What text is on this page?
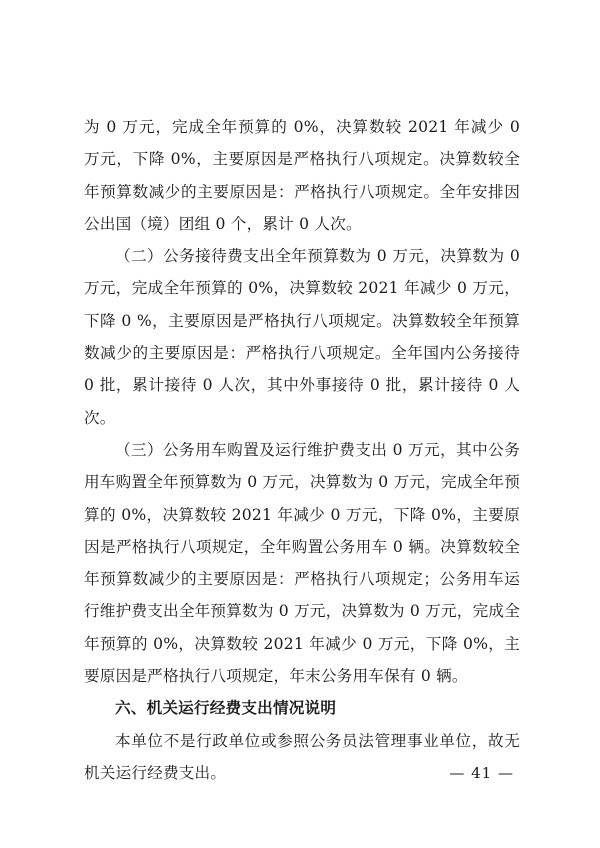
为 0 万元，完成全年预算的 0%，决算数较 2021 年减少 0 万元，下降 0%，主要原因是严格执行八项规定。决算数较全年预算数减少的主要原因是：严格执行八项规定。全年安排因公出国（境）团组 0 个，累计 0 人次。

（二）公务接待费支出全年预算数为 0 万元，决算数为 0 万元，完成全年预算的 0%，决算数较 2021 年减少 0 万元，下降 0 %，主要原因是严格执行八项规定。决算数较全年预算数减少的主要原因是：严格执行八项规定。全年国内公务接待 0 批，累计接待 0 人次，其中外事接待 0 批，累计接待 0 人次。

（三）公务用车购置及运行维护费支出 0 万元，其中公务用车购置全年预算数为 0 万元，决算数为 0 万元，完成全年预算的 0%，决算数较 2021 年减少 0 万元，下降 0%，主要原因是严格执行八项规定，全年购置公务用车 0 辆。决算数较全年预算数减少的主要原因是：严格执行八项规定；公务用车运行维护费支出全年预算数为 0 万元，决算数为 0 万元，完成全年预算的 0%，决算数较 2021 年减少 0 万元，下降 0%，主要原因是严格执行八项规定，年末公务用车保有 0 辆。

六、机关运行经费支出情况说明

本单位不是行政单位或参照公务员法管理事业单位，故无机关运行经费支出。	— 41 —
